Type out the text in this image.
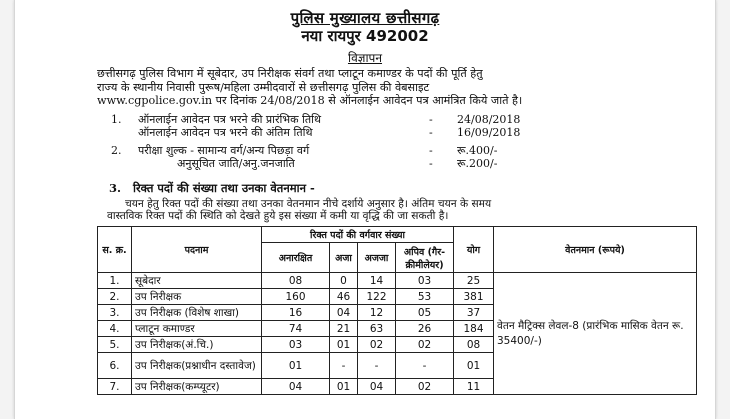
पुलिस मुख्यालय छत्तीसगढ़
नया रायपुर 492002
विज्ञापन
छत्तीसगढ़ पुलिस विभाग में सूबेदार, उप निरीक्षक संवर्ग तथा प्लाटून कमाण्डर के पदों की पूर्ति हेतु
राज्य के स्थानीय निवासी पुरूष/महिला उम्मीदवारों से छत्तीसगढ़ पुलिस की वेबसाइट
www.cgpolice.gov.in पर दिनांक 24/08/2018 से ऑनलाईन आवेदन पत्र आमंत्रित किये जाते है।
1. ऑनलाईन आवेदन पत्र भरने की प्रारंभिक तिथि	- 24/08/2018
ऑनलाईन आवेदन पत्र भरने की अंतिम तिथि	- 16/09/2018
2. परीक्षा शुल्क - सामान्य वर्ग/अन्य पिछड़ा वर्ग	- रू.400/-
अनुसूचित जाति/अनु.जनजाति	- रू.200/-
3. रिक्त पदों की संख्या तथा उनका वेतनमान -
चयन हेतु रिक्त पदों की संख्या तथा उनका वेतनमान नीचे दर्शाये अनुसार है। अंतिम चयन के समय
वास्तविक रिक्त पदों की स्थिति को देखते हुये इस संख्या में कमी या वृद्धि की जा सकती है।
स. क्र.	पदनाम	रिक्त पदों की वर्गवार संख्या				योग	वेतनमान (रूपये)
		अनारक्षित	अजा	अजजा	अपिव (गैर- क्रीमीलेयर)		
1.	सूबेदार	08	0	14	03	25	वेतन मैट्रिक्स लेवल-8 (प्रारंभिक मासिक वेतन रू. 35400/-)
2.	उप निरीक्षक	160	46	122	53	381	
3.	उप निरीक्षक (विशेष शाखा)	16	04	12	05	37	
4.	प्लाटून कमाण्डर	74	21	63	26	184	
5.	उप निरीक्षक(अं.चि.)	03	01	02	02	08	
6.	उप निरीक्षक(प्रश्नाधीन दस्तावेज)	01	-	-	-	01	
7.	उप निरीक्षक(कम्प्यूटर)	04	01	04	02	11	
